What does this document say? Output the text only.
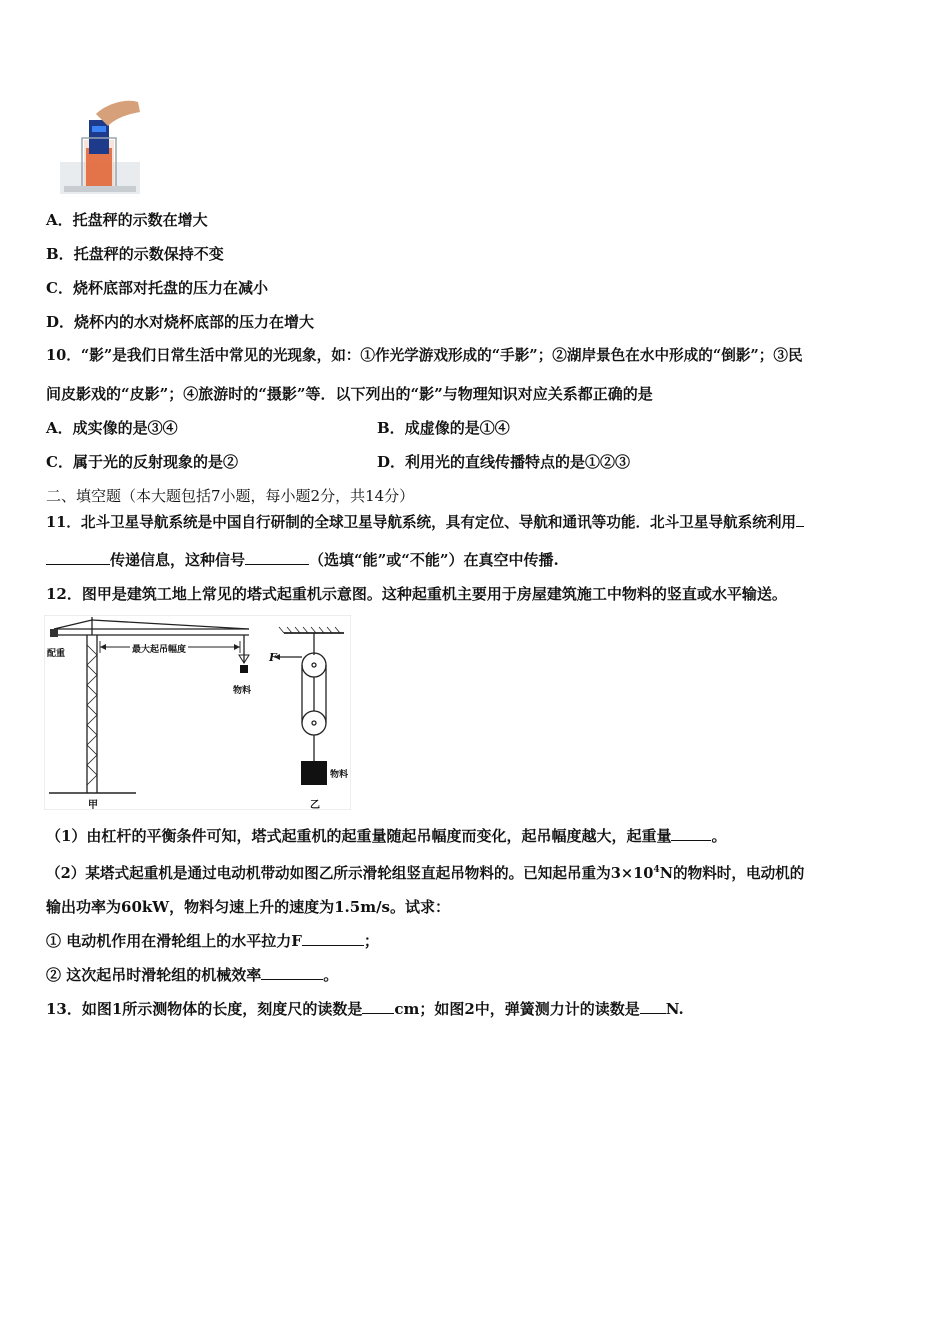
A．托盘秤的示数在增大
B．托盘秤的示数保持不变
C．烧杯底部对托盘的压力在减小
D．烧杯内的水对烧杯底部的压力在增大
10．“影”是我们日常生活中常见的光现象，如：①作光学游戏形成的“手影”；②湖岸景色在水中形成的“倒影”；③民
间皮影戏的“皮影”；④旅游时的“摄影”等．以下列出的“影”与物理知识对应关系都正确的是
A．成实像的是③④	B．成虚像的是①④
C．属于光的反射现象的是②	D．利用光的直线传播特点的是①②③
二、填空题（本大题包括7小题，每小题2分，共14分）
11．北斗卫星导航系统是中国自行研制的全球卫星导航系统，具有定位、导航和通讯等功能．北斗卫星导航系统利用
传递信息，这种信号	（选填“能”或“不能”）在真空中传播.
12．图甲是建筑工地上常见的塔式起重机示意图。这种起重机主要用于房屋建筑施工中物料的竖直或水平输送。
配重	最大起吊幅度
物料
F
物料
甲	乙
（1）由杠杆的平衡条件可知，塔式起重机的起重量随起吊幅度而变化，起吊幅度越大，起重量	。
（2）某塔式起重机是通过电动机带动如图乙所示滑轮组竖直起吊物料的。已知起吊重为$3\times 10^4N$的物料时，电动机的
输出功率为60kW，物料匀速上升的速度为1.5m/s。试求：
① 电动机作用在滑轮组上的水平拉力F	；
② 这次起吊时滑轮组的机械效率	。
13．如图1所示测物体的长度，刻度尺的读数是 cm；如图2中，弹簧测力计的读数是 N.
